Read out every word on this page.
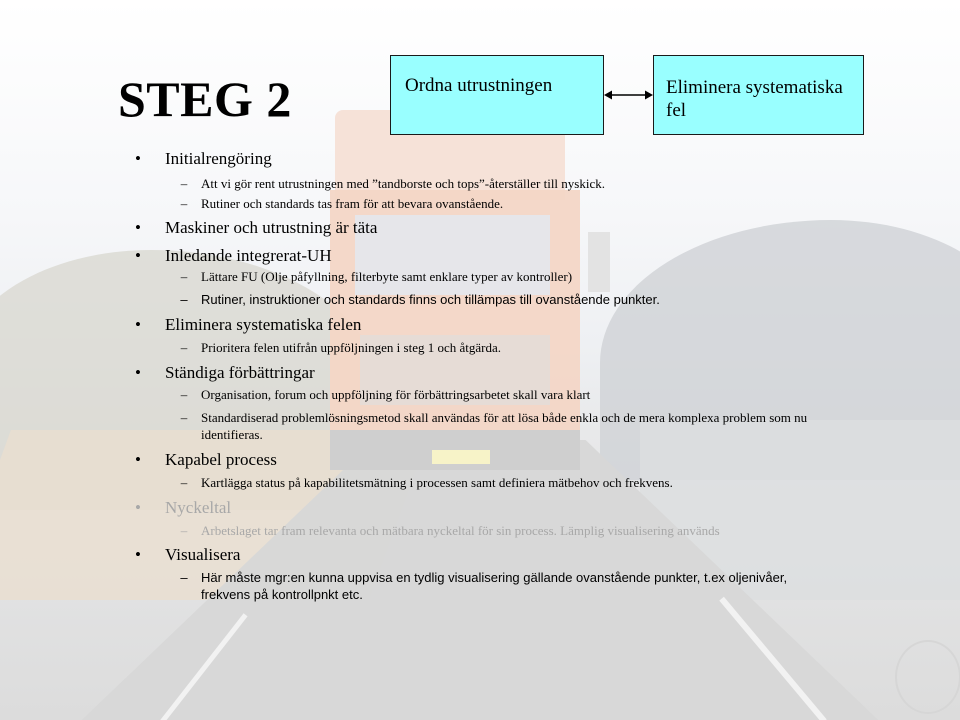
STEG 2	Ordna utrustningen	Eliminera systematiska fel
• Initialrengöring
–	Att vi gör rent utrustningen med ”tandborste och tops”-återställer till nyskick.
–	Rutiner och standards tas fram för att bevara ovanstående.
• Maskiner och utrustning är täta
• Inledande integrerat-UH
–	Lättare FU (Olje påfyllning, filterbyte samt enklare typer av kontroller)
–	Rutiner, instruktioner och standards finns och tillämpas till ovanstående punkter.
• Eliminera systematiska felen
–	Prioritera felen utifrån uppföljningen i steg 1 och åtgärda.
• Ständiga förbättringar
–	Organisation, forum och uppföljning för förbättringsarbetet skall vara klart
–	Standardiserad problemlösningsmetod skall användas för att lösa både enkla och de mera komplexa problem som nu identifieras.
• Kapabel process
–	Kartlägga status på kapabilitetsmätning i processen samt definiera mätbehov och frekvens.
• Nyckeltal
–	Arbetslaget tar fram relevanta och mätbara nyckeltal för sin process. Lämplig visualisering används
• Visualisera
–	Här måste mgr:en kunna uppvisa en tydlig visualisering gällande ovanstående punkter, t.ex oljenivåer, frekvens på kontrollpnkt etc.
